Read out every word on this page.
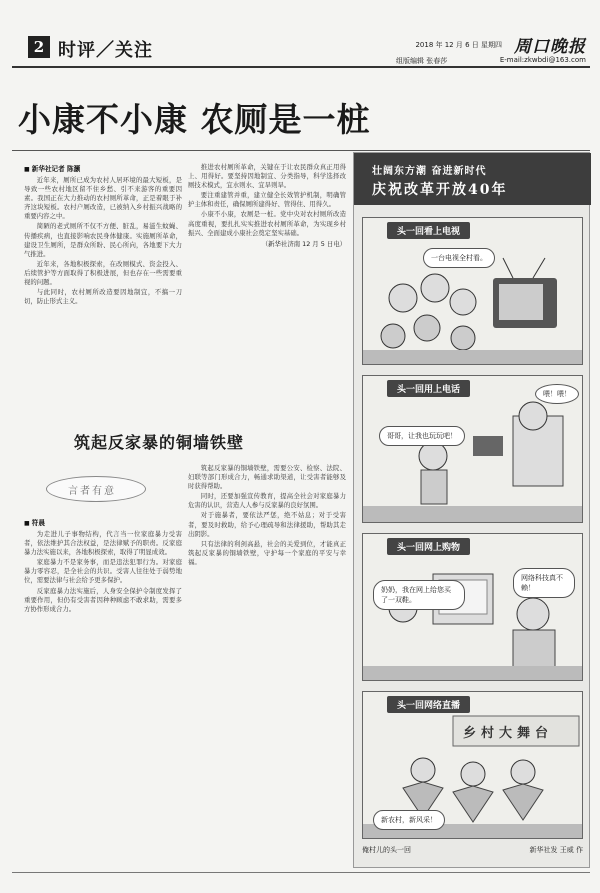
2 时评／关注	2018 年 12 月 6 日 星期四 周口晚报
组版编辑 张春莎	E-mail:zkwbdi@163.com
小康不小康 农厕是一桩
■ 新华社记者 陈灏

近年来，厕所已成为农村人居环境的最大短板，是导致一些农村地区留不住乡愁、引不来游客的重要因素。我国正在大力推动的农村厕所革命，正是着眼于补齐这块短板。农村户厕改造，已被纳入乡村振兴战略的重要内容之中。

简陋的老式厕所不仅不方便、脏乱，易滋生蚊蝇、传播疾病，也直接影响农民身体健康。实施厕所革命，建设卫生厕所，是群众所盼、民心所向，各地要下大力气推进。

近年来，各地积极探索，在改厕模式、资金投入、后续管护等方面取得了积极进展，但也存在一些需要重视的问题。

与此同时，农村厕所改造要因地制宜，不搞一刀切，防止形式主义。

推进农村厕所革命，关键在于让农民群众真正用得上、用得好。要坚持因地制宜、分类指导，科学选择改厕技术模式，宜水则水、宜旱则旱。

要注重建管并重，建立健全长效管护机制，明确管护主体和责任，确保厕所建得好、管得住、用得久。

小康不小康，农厕是一桩。党中央对农村厕所改造高度重视，要扎扎实实推进农村厕所革命，为实现乡村振兴、全面建成小康社会奠定坚实基础。

（新华社济南 12 月 5 日电）
筑起反家暴的铜墙铁壁
言者有意
■ 符晨

为走进儿子事物结构，代言当一位家庭暴力受害者，依法维护其合法权益，是法律赋予的职责。反家庭暴力法实施以来，各地积极探索，取得了明显成效。

家庭暴力不是家务事，而是违法犯罪行为。对家庭暴力零容忍，是全社会的共识。受害人往往处于弱势地位，需要法律与社会给予更多保护。

反家庭暴力法实施后，人身安全保护令制度发挥了重要作用，但仍有受害者因种种顾虑不敢求助，需要多方协作形成合力。

筑起反家暴的铜墙铁壁，需要公安、检察、法院、妇联等部门形成合力，畅通求助渠道，让受害者能够及时获得帮助。

同时，还要加强宣传教育，提高全社会对家庭暴力危害的认识，营造人人参与反家暴的良好氛围。

对于施暴者，要依法严惩，绝不姑息；对于受害者，要及时救助，给予心理疏导和法律援助，帮助其走出阴影。

只有法律的利剑高悬，社会的关爱到位，才能真正筑起反家暴的铜墙铁壁，守护每一个家庭的平安与幸福。

壮阔东方潮 奋进新时代
庆祝改革开放40年
头一回看上电视
一台电视全村看。
头一回用上电话
哥哥，让我也玩玩吧！
喂！喂！
头一回网上购物
奶奶，我在网上给您买了一双鞋。
网络科技真不赖！
头一回网络直播
乡村大舞台
新农村，新风采！
俺村儿的头一回	新华社发 王威 作
